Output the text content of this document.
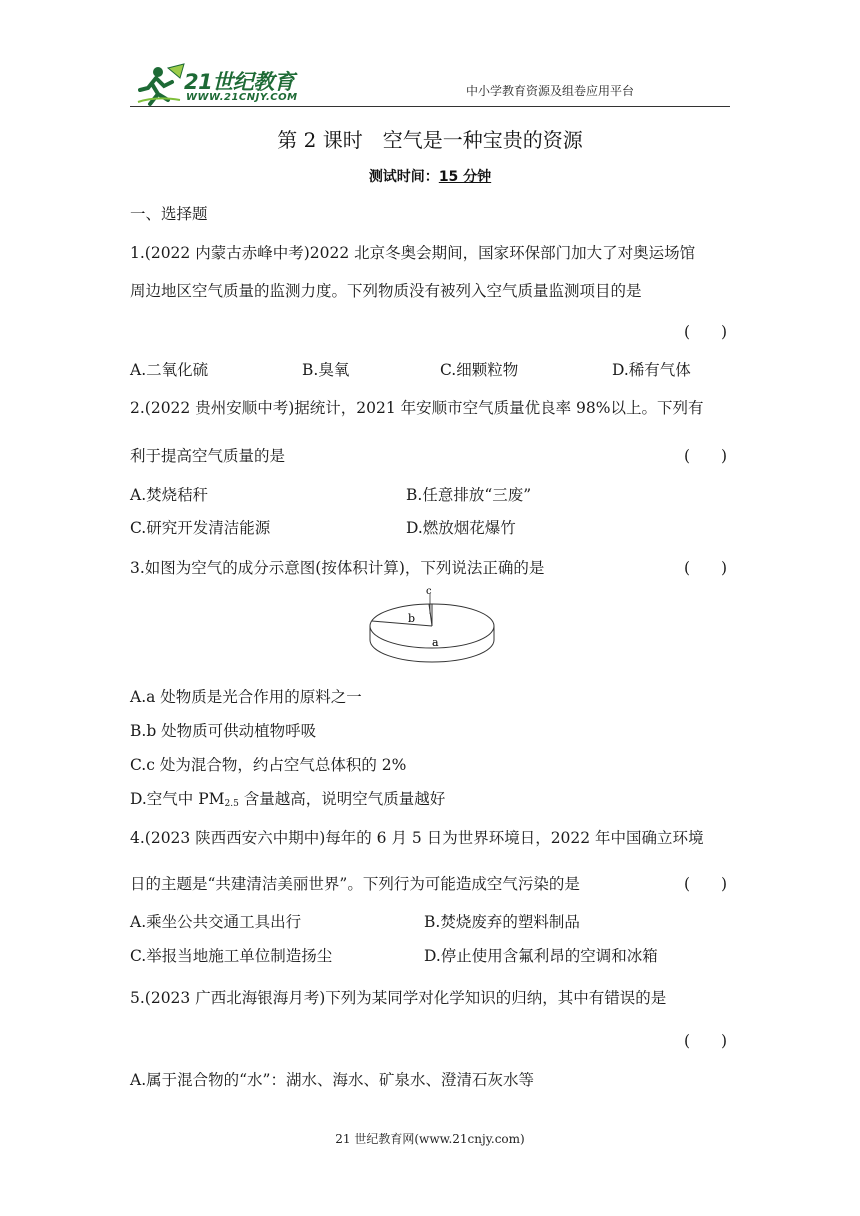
21世纪教育
WWW.21CNJY.COM	中小学教育资源及组卷应用平台
第 2 课时　空气是一种宝贵的资源
测试时间：15 分钟
一、选择题
1.(2022 内蒙古赤峰中考)2022 北京冬奥会期间，国家环保部门加大了对奥运场馆
周边地区空气质量的监测力度。下列物质没有被列入空气质量监测项目的是
(　　)
A.二氧化硫	B.臭氧	C.细颗粒物	D.稀有气体
2.(2022 贵州安顺中考)据统计，2021 年安顺市空气质量优良率 98%以上。下列有
利于提高空气质量的是	(　　)
A.焚烧秸秆	B.任意排放“三废”
C.研究开发清洁能源	D.燃放烟花爆竹
3.如图为空气的成分示意图(按体积计算)，下列说法正确的是	(　　)
c
b
a
A.a 处物质是光合作用的原料之一
B.b 处物质可供动植物呼吸
C.c 处为混合物，约占空气总体积的 2%
D.空气中 $PM_{2.5}$ 含量越高，说明空气质量越好
4.(2023 陕西西安六中期中)每年的 6 月 5 日为世界环境日，2022 年中国确立环境
日的主题是“共建清洁美丽世界”。下列行为可能造成空气污染的是	(　　)
A.乘坐公共交通工具出行	B.焚烧废弃的塑料制品
C.举报当地施工单位制造扬尘	D.停止使用含氟利昂的空调和冰箱
5.(2023 广西北海银海月考)下列为某同学对化学知识的归纳，其中有错误的是
(　　)
A.属于混合物的“水”：湖水、海水、矿泉水、澄清石灰水等
21 世纪教育网(www.21cnjy.com)
